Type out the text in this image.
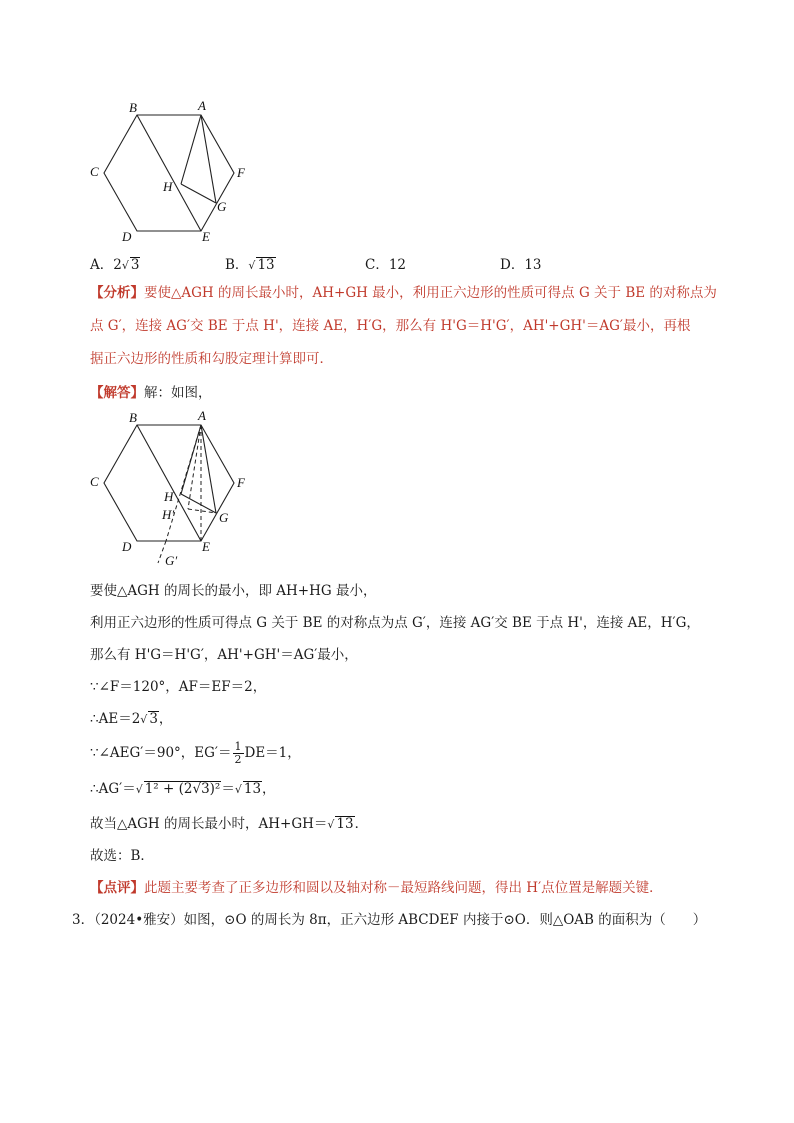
B	A
C	F
H
G
D	E
A．2√ 3	B．√ 13	C．12	D．13
【分析】要使△AGH 的周长最小时，AH+GH 最小，利用正六边形的性质可得点 G 关于 BE 的对称点为
点 G′，连接 AG′交 BE 于点 H'，连接 AE，H′G，那么有 H'G＝H'G′，AH'+GH'＝AG′最小，再根
据正六边形的性质和勾股定理计算即可．
【解答】解：如图，
B	A
C	F
H
H′	G
D	E
G′
要使△AGH 的周长的最小，即 AH+HG 最小，
利用正六边形的性质可得点 G 关于 BE 的对称点为点 G′，连接 AG′交 BE 于点 H'，连接 AE，H′G，
那么有 H'G＝H'G′，AH'+GH'＝AG′最小，
∵∠F＝120°，AF＝EF＝2，
∴AE＝2√ 3，
∵∠AEG′＝90°，$EG'= \frac{1}{2} DE=1$，
∴AG′＝√ 1² + (2√3)²＝√ 13，
故当△AGH 的周长最小时，AH+GH＝√ 13．
故选：B．
【点评】此题主要考查了正多边形和圆以及轴对称－最短路线问题，得出 H′点位置是解题关键．
3．（2024•雅安）如图，⊙O 的周长为 8π，正六边形 ABCDEF 内接于⊙O．则△OAB 的面积为（　　）
